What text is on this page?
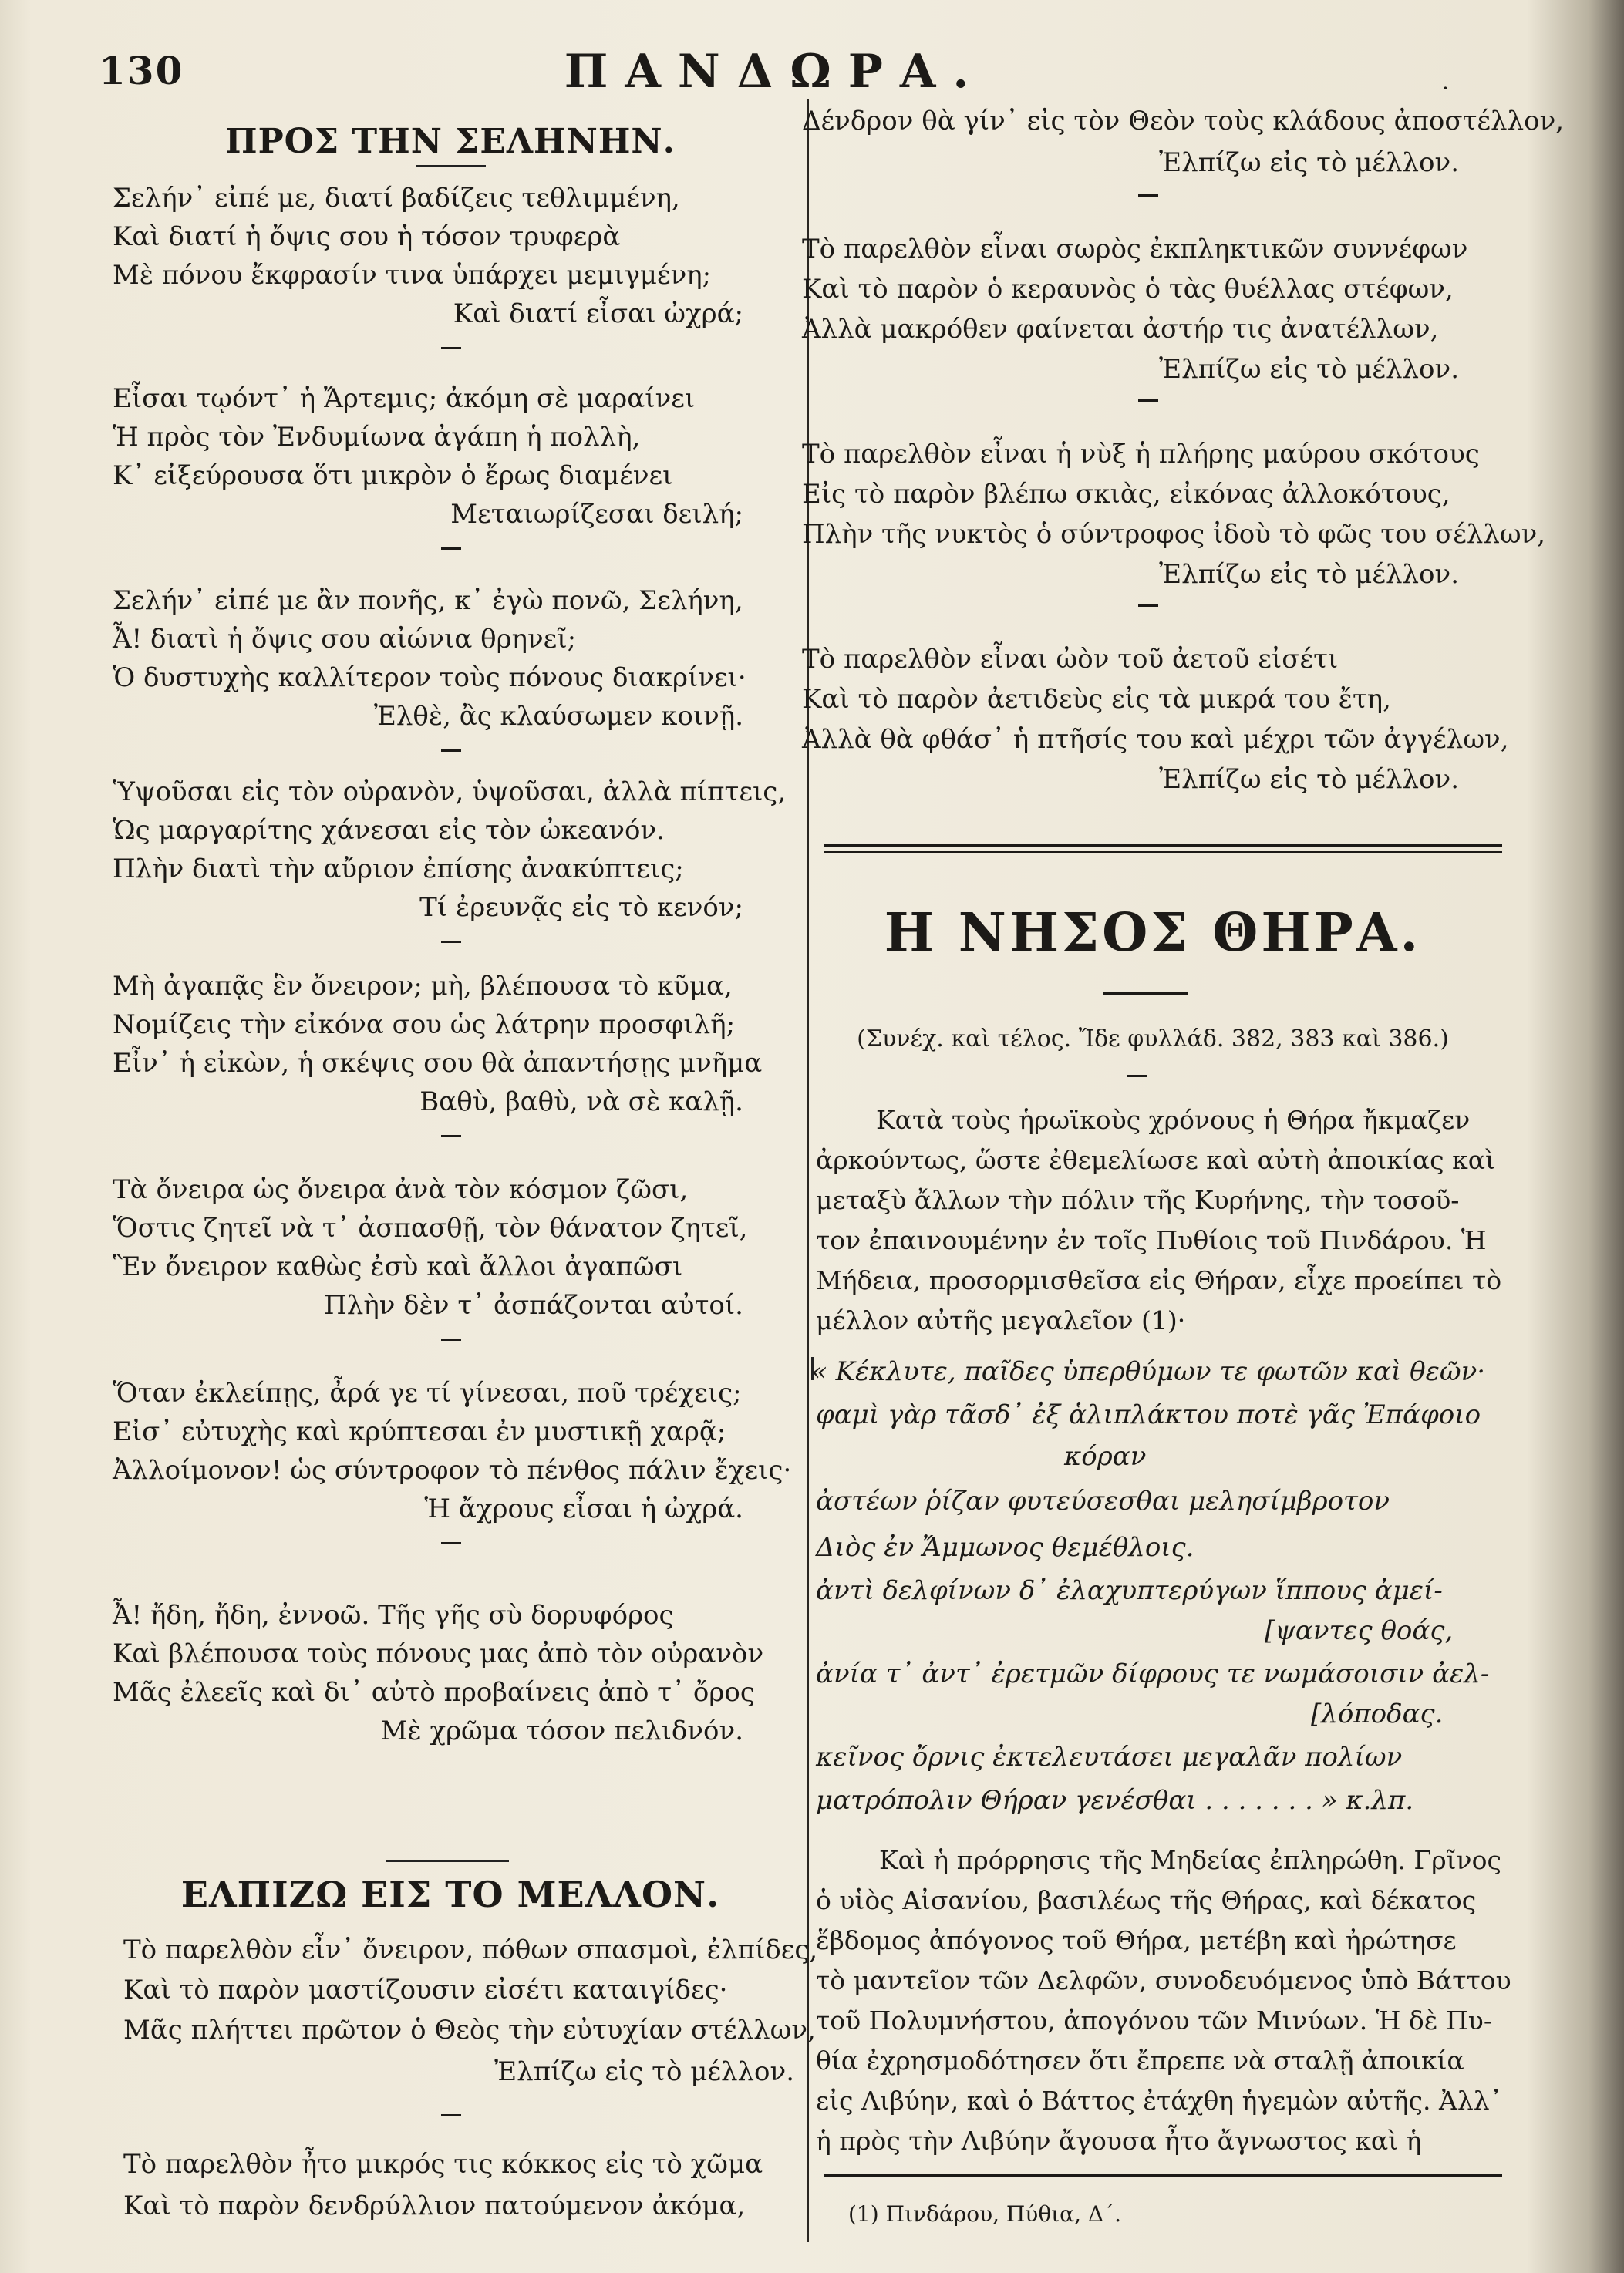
130	ΠΑΝΔΩΡΑ.	·
ΠΡΟΣ ΤΗΝ ΣΕΛΗΝΗΝ.
Σελήν᾽ εἰπέ με, διατί βαδίζεις τεθλιμμένη,
Καὶ διατί ἡ ὄψις σου ἡ τόσον τρυφερὰ
Μὲ πόνου ἔκφρασίν τινα ὑπάρχει μεμιγμένη;
Καὶ διατί εἶσαι ὠχρά;
Εἶσαι τῳόντ᾽ ἡ Ἄρτεμις; ἀκόμη σὲ μαραίνει
Ἡ πρὸς τὸν Ἐνδυμίωνα ἀγάπη ἡ πολλὴ,
Κ᾽ εἰξεύρουσα ὅτι μικρὸν ὁ ἔρως διαμένει
Μεταιωρίζεσαι δειλή;
Σελήν᾽ εἰπέ με ἂν πονῆς, κ᾽ ἐγὼ πονῶ, Σελήνη,
Ἆ! διατὶ ἡ ὄψις σου αἰώνια θρηνεῖ;
Ὁ δυστυχὴς καλλίτερον τοὺς πόνους διακρίνει·
Ἐλθὲ, ἂς κλαύσωμεν κοινῇ.
Ὑψοῦσαι εἰς τὸν οὐρανὸν, ὑψοῦσαι, ἀλλὰ πίπτεις,
Ὡς μαργαρίτης χάνεσαι εἰς τὸν ὠκεανόν.
Πλὴν διατὶ τὴν αὔριον ἐπίσης ἀνακύπτεις;
Τί ἐρευνᾷς εἰς τὸ κενόν;
Μὴ ἀγαπᾷς ἓν ὄνειρον; μὴ, βλέπουσα τὸ κῦμα,
Νομίζεις τὴν εἰκόνα σου ὡς λάτρην προσφιλῆ;
Εἶν᾽ ἡ εἰκὼν, ἡ σκέψις σου θὰ ἀπαντήσῃς μνῆμα
Βαθὺ, βαθὺ, νὰ σὲ καλῇ.
Τὰ ὄνειρα ὡς ὄνειρα ἀνὰ τὸν κόσμον ζῶσι,
Ὅστις ζητεῖ νὰ τ᾽ ἀσπασθῇ, τὸν θάνατον ζητεῖ,
Ἓν ὄνειρον καθὼς ἐσὺ καὶ ἄλλοι ἀγαπῶσι
Πλὴν δὲν τ᾽ ἀσπάζονται αὐτοί.
Ὅταν ἐκλείπῃς, ἆρά γε τί γίνεσαι, ποῦ τρέχεις;
Εἰσ᾽ εὐτυχὴς καὶ κρύπτεσαι ἐν μυστικῇ χαρᾷ;
Ἀλλοίμονον! ὡς σύντροφον τὸ πένθος πάλιν ἔχεις·
Ἡ ἄχρους εἶσαι ἡ ὠχρά.
Ἆ! ἤδη, ἤδη, ἐννοῶ. Τῆς γῆς σὺ δορυφόρος
Καὶ βλέπουσα τοὺς πόνους μας ἀπὸ τὸν οὐρανὸν
Μᾶς ἐλεεῖς καὶ δι᾽ αὐτὸ προβαίνεις ἀπὸ τ᾽ ὄρος
Μὲ χρῶμα τόσον πελιδνόν.
ΕΛΠΙΖΩ ΕΙΣ ΤΟ ΜΕΛΛΟΝ.
Τὸ παρελθὸν εἶν᾽ ὄνειρον, πόθων σπασμοὶ, ἐλπίδες,
Καὶ τὸ παρὸν μαστίζουσιν εἰσέτι καταιγίδες·
Μᾶς πλήττει πρῶτον ὁ Θεὸς τὴν εὐτυχίαν στέλλων,
Ἐλπίζω εἰς τὸ μέλλον.
Τὸ παρελθὸν ἦτο μικρός τις κόκκος εἰς τὸ χῶμα
Καὶ τὸ παρὸν δενδρύλλιον πατούμενον ἀκόμα,
Δένδρον θὰ γίν᾽ εἰς τὸν Θεὸν τοὺς κλάδους ἀποστέλλον,
Ἐλπίζω εἰς τὸ μέλλον.
Τὸ παρελθὸν εἶναι σωρὸς ἐκπληκτικῶν συννέφων
Καὶ τὸ παρὸν ὁ κεραυνὸς ὁ τὰς θυέλλας στέφων,
Ἀλλὰ μακρόθεν φαίνεται ἀστήρ τις ἀνατέλλων,
Ἐλπίζω εἰς τὸ μέλλον.
Τὸ παρελθὸν εἶναι ἡ νὺξ ἡ πλήρης μαύρου σκότους
Εἰς τὸ παρὸν βλέπω σκιὰς, εἰκόνας ἀλλοκότους,
Πλὴν τῆς νυκτὸς ὁ σύντροφος ἰδοὺ τὸ φῶς του σέλλων,
Ἐλπίζω εἰς τὸ μέλλον.
Τὸ παρελθὸν εἶναι ὠὸν τοῦ ἀετοῦ εἰσέτι
Καὶ τὸ παρὸν ἀετιδεὺς εἰς τὰ μικρά του ἔτη,
Ἀλλὰ θὰ φθάσ᾽ ἡ πτῆσίς του καὶ μέχρι τῶν ἀγγέλων,
Ἐλπίζω εἰς τὸ μέλλον.
Η ΝΗΣΟΣ ΘΗΡΑ.
(Συνέχ. καὶ τέλος. Ἴδε φυλλάδ. 382, 383 καὶ 386.)
Κατὰ τοὺς ἡρωϊκοὺς χρόνους ἡ Θήρα ἤκμαζεν
ἀρκούντως, ὥστε ἐθεμελίωσε καὶ αὐτὴ ἀποικίας καὶ
μεταξὺ ἄλλων τὴν πόλιν τῆς Κυρήνης, τὴν τοσοῦ-
τον ἐπαινουμένην ἐν τοῖς Πυθίοις τοῦ Πινδάρου. Ἡ
Μήδεια, προσορμισθεῖσα εἰς Θήραν, εἶχε προείπει τὸ
μέλλον αὐτῆς μεγαλεῖον (1)·
« Κέκλυτε, παῖδες ὑπερθύμων τε φωτῶν καὶ θεῶν·
φαμὶ γὰρ τᾶσδ᾽ ἐξ ἁλιπλάκτου ποτὲ γᾶς Ἐπάφοιο
κόραν
ἀστέων ῥίζαν φυτεύσεσθαι μελησίμβροτον
Διὸς ἐν Ἄμμωνος θεμέθλοις.
ἀντὶ δελφίνων δ᾽ ἐλαχυπτερύγων ἵππους ἀμεί-
[ψαντες θοάς,
ἀνία τ᾽ ἀντ᾽ ἐρετμῶν δίφρους τε νωμάσοισιν ἀελ-
[λόποδας.
κεῖνος ὄρνις ἐκτελευτάσει μεγαλᾶν πολίων
ματρόπολιν Θήραν γενέσθαι . . . . . . . » κ.λπ.
Καὶ ἡ πρόρρησις τῆς Μηδείας ἐπληρώθη. Γρῖνος
ὁ υἱὸς Αἰσανίου, βασιλέως τῆς Θήρας, καὶ δέκατος
ἕβδομος ἀπόγονος τοῦ Θήρα, μετέβη καὶ ἠρώτησε
τὸ μαντεῖον τῶν Δελφῶν, συνοδευόμενος ὑπὸ Βάττου
τοῦ Πολυμνήστου, ἀπογόνου τῶν Μινύων. Ἡ δὲ Πυ-
θία ἐχρησμοδότησεν ὅτι ἔπρεπε νὰ σταλῇ ἀποικία
εἰς Λιβύην, καὶ ὁ Βάττος ἐτάχθη ἡγεμὼν αὐτῆς. Ἀλλ᾽
ἡ πρὸς τὴν Λιβύην ἄγουσα ἦτο ἄγνωστος καὶ ἡ
(1) Πινδάρου, Πύθια, Δ΄.
